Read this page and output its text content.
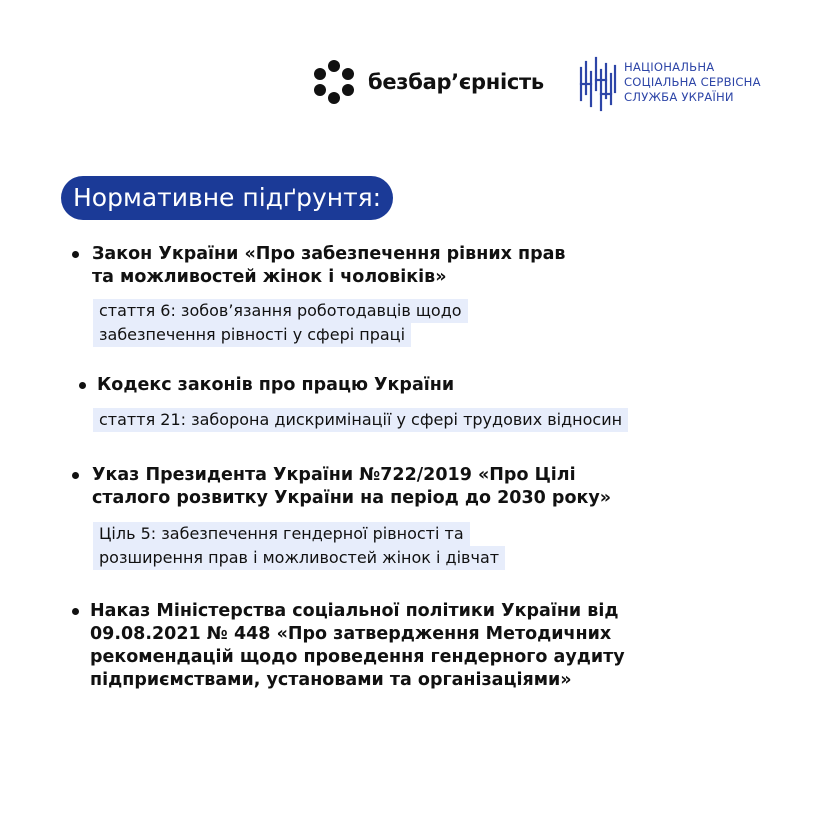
безбар’єрність
НАЦІОНАЛЬНА
СОЦІАЛЬНА СЕРВІСНА
СЛУЖБА УКРАЇНИ
Нормативне підґрунтя:
Закон України «Про забезпечення рівних прав
та можливостей жінок і чоловіків»
стаття 6: зобов’язання роботодавців щодо
забезпечення рівності у сфері праці
Кодекс законів про працю України
стаття 21: заборона дискримінації у сфері трудових відносин
Указ Президента України №722/2019 «Про Цілі
сталого розвитку України на період до 2030 року»
Ціль 5: забезпечення гендерної рівності та
розширення прав і можливостей жінок і дівчат
Наказ Міністерства соціальної політики України від
09.08.2021 № 448 «Про затвердження Методичних
рекомендацій щодо проведення гендерного аудиту
підприємствами, установами та організаціями»
